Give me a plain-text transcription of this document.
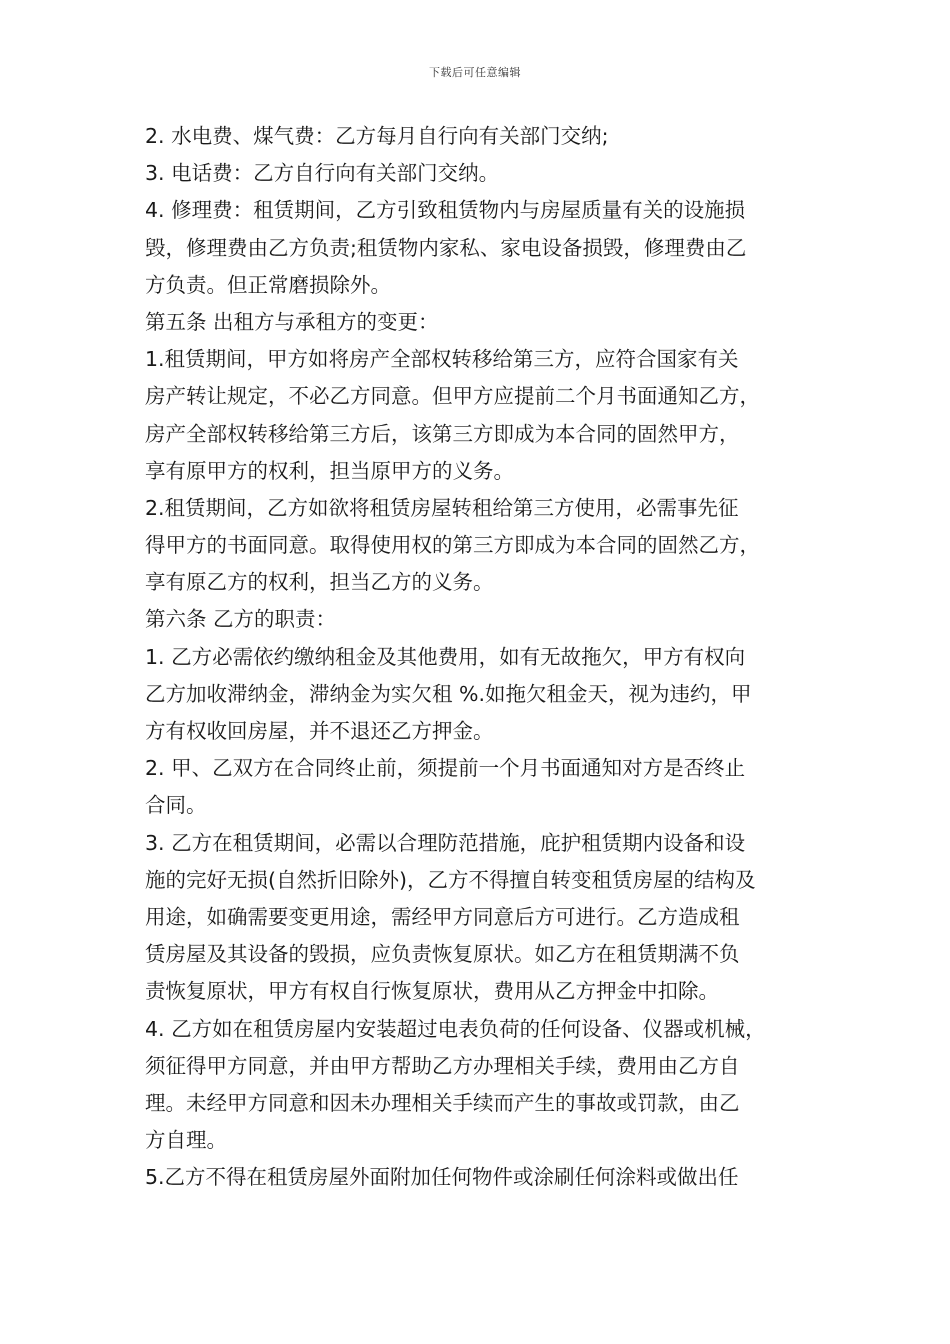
下载后可任意编辑
2. 水电费、煤气费：乙方每月自行向有关部门交纳;
3. 电话费：乙方自行向有关部门交纳。
4. 修理费：租赁期间，乙方引致租赁物内与房屋质量有关的设施损
毁，修理费由乙方负责;租赁物内家私、家电设备损毁，修理费由乙
方负责。但正常磨损除外。
第五条 出租方与承租方的变更：
1.租赁期间，甲方如将房产全部权转移给第三方，应符合国家有关
房产转让规定，不必乙方同意。但甲方应提前二个月书面通知乙方，
房产全部权转移给第三方后，该第三方即成为本合同的固然甲方，
享有原甲方的权利，担当原甲方的义务。
2.租赁期间，乙方如欲将租赁房屋转租给第三方使用，必需事先征
得甲方的书面同意。取得使用权的第三方即成为本合同的固然乙方，
享有原乙方的权利，担当乙方的义务。
第六条 乙方的职责：
1. 乙方必需依约缴纳租金及其他费用，如有无故拖欠，甲方有权向
乙方加收滞纳金，滞纳金为实欠租 %.如拖欠租金天，视为违约，甲
方有权收回房屋，并不退还乙方押金。
2. 甲、乙双方在合同终止前，须提前一个月书面通知对方是否终止
合同。
3. 乙方在租赁期间，必需以合理防范措施，庇护租赁期内设备和设
施的完好无损(自然折旧除外)，乙方不得擅自转变租赁房屋的结构及
用途，如确需要变更用途，需经甲方同意后方可进行。乙方造成租
赁房屋及其设备的毁损，应负责恢复原状。如乙方在租赁期满不负
责恢复原状，甲方有权自行恢复原状，费用从乙方押金中扣除。
4. 乙方如在租赁房屋内安装超过电表负荷的任何设备、仪器或机械，
须征得甲方同意，并由甲方帮助乙方办理相关手续，费用由乙方自
理。未经甲方同意和因未办理相关手续而产生的事故或罚款，由乙
方自理。
5.乙方不得在租赁房屋外面附加任何物件或涂刷任何涂料或做出任
